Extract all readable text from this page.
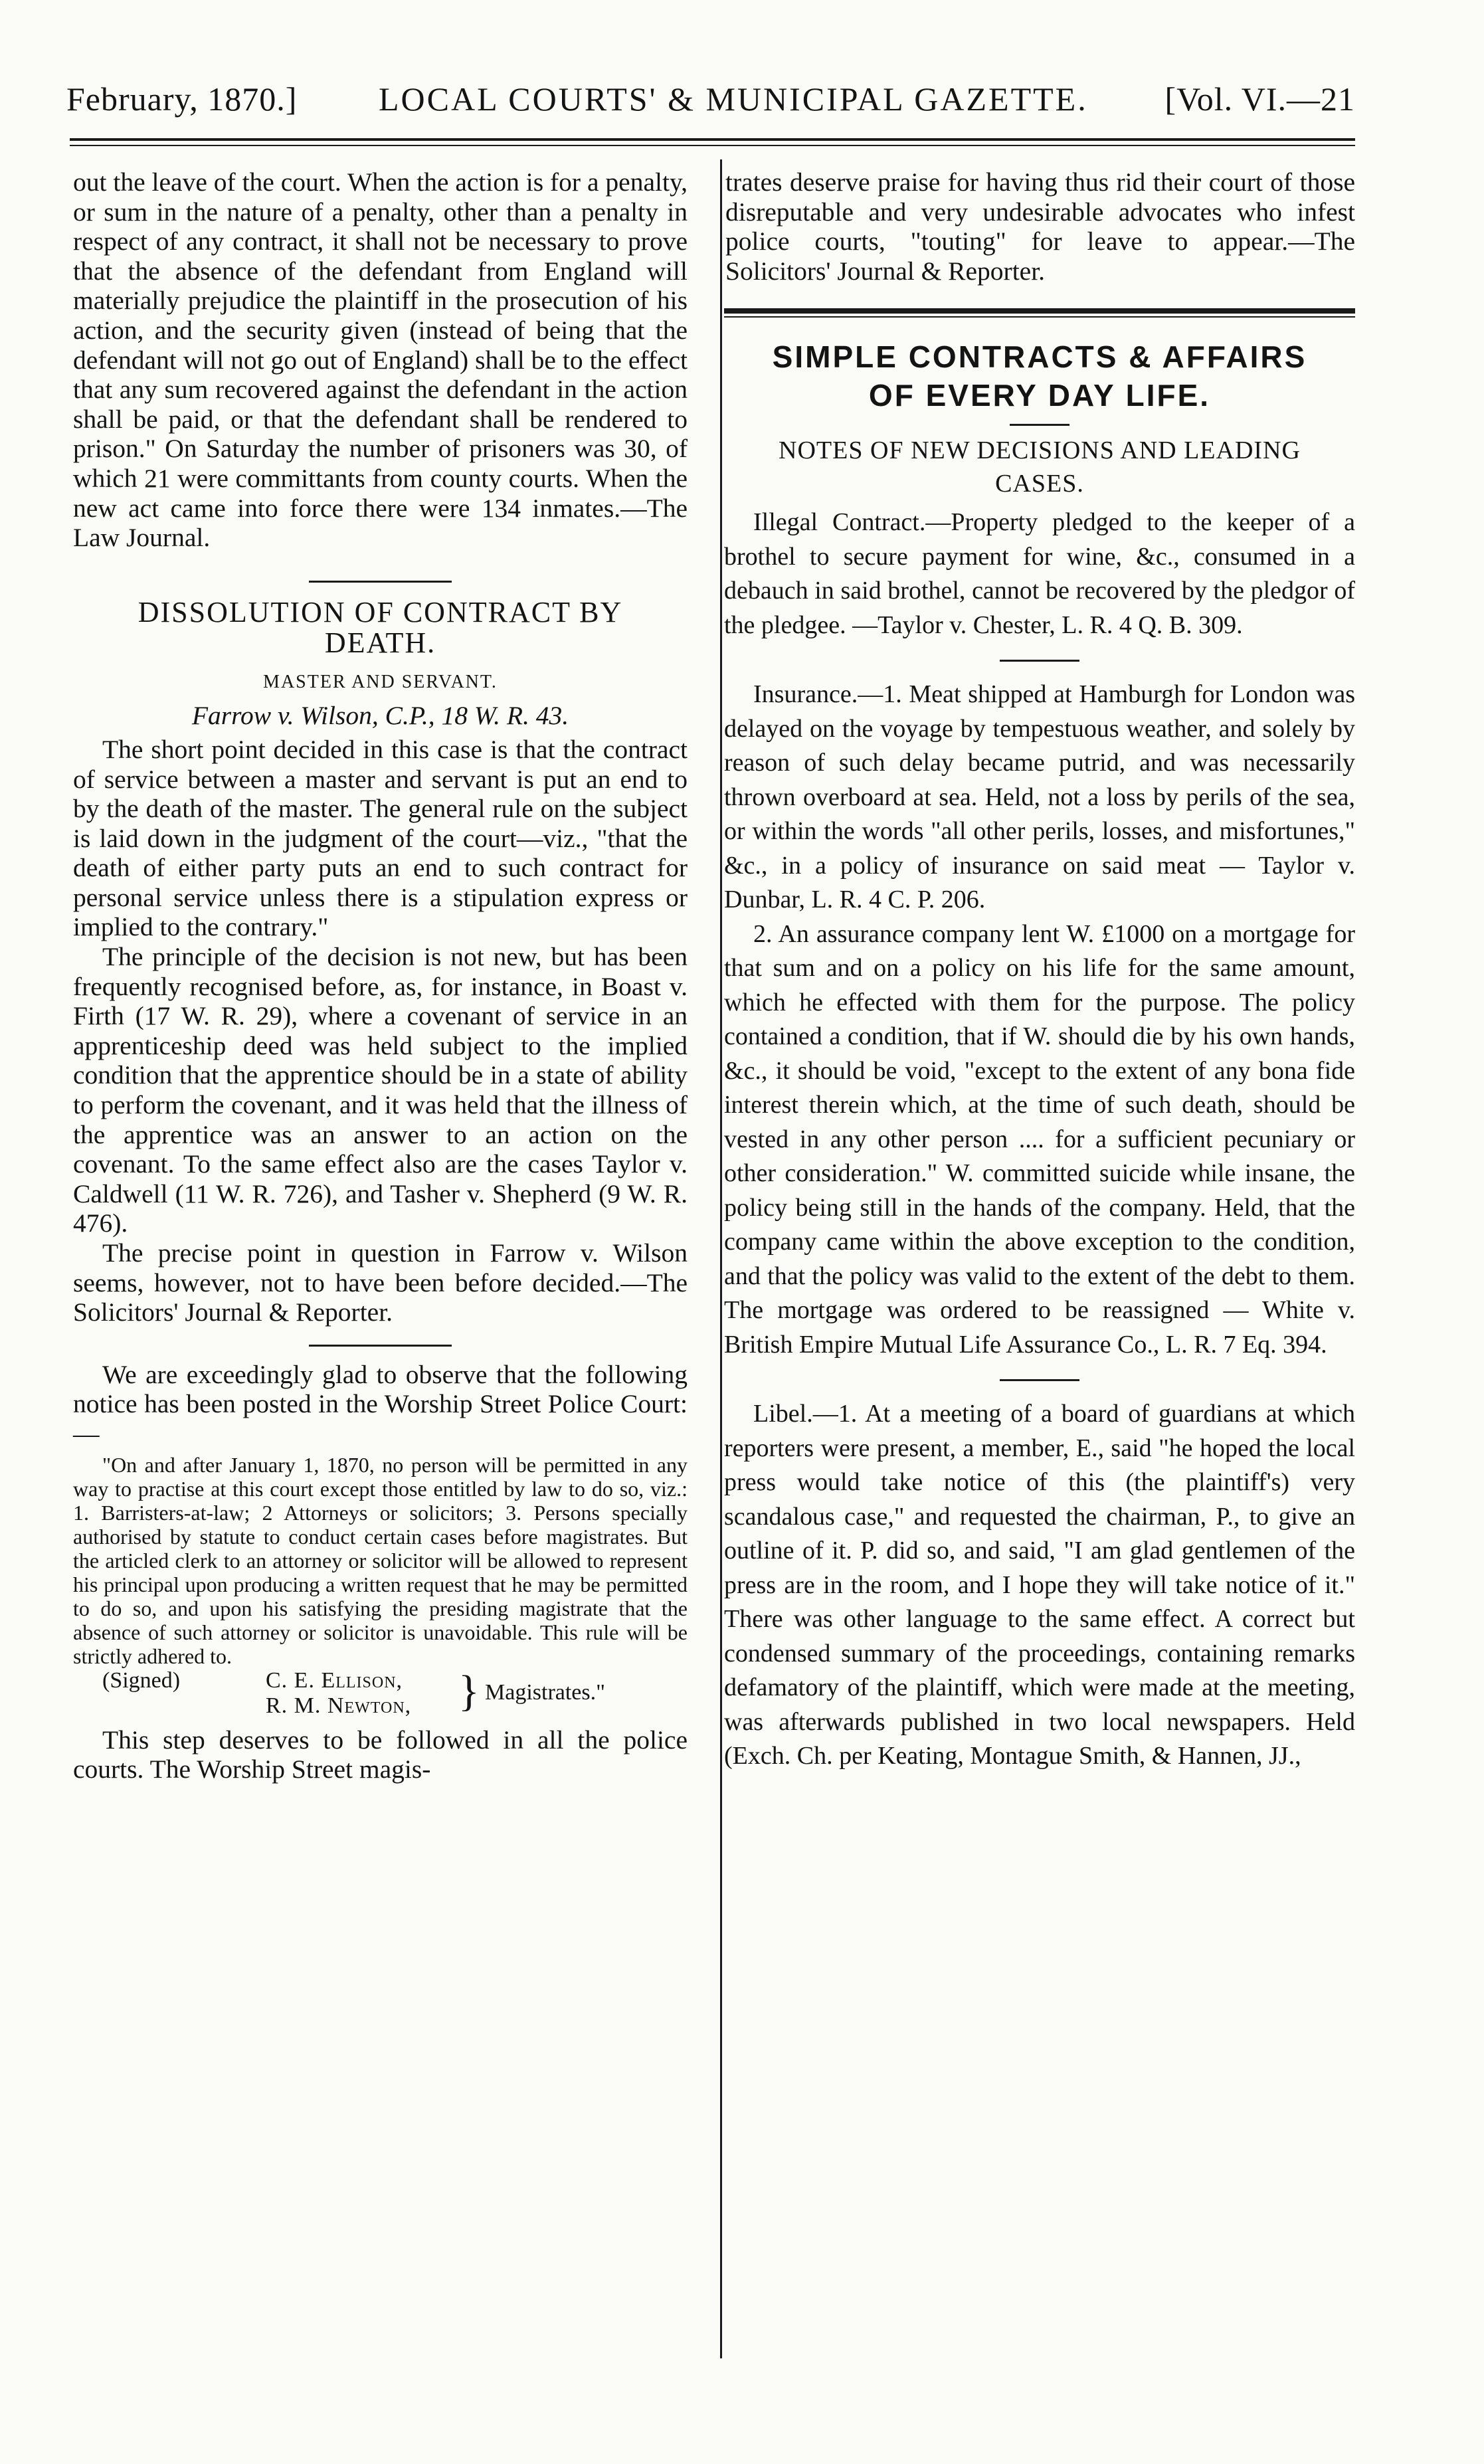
February, 1870.] LOCAL COURTS' & MUNICIPAL GAZETTE. [Vol. VI.—21

out the leave of the court. When the action is for a penalty, or sum in the nature of a penalty, other than a penalty in respect of any contract, it shall not be necessary to prove that the absence of the defendant from England will materially prejudice the plaintiff in the prosecution of his action, and the security given (instead of being that the defendant will not go out of England) shall be to the effect that any sum recovered against the defendant in the action shall be paid, or that the defendant shall be rendered to prison." On Saturday the number of prisoners was 30, of which 21 were committants from county courts. When the new act came into force there were 134 inmates.—The Law Journal.

DISSOLUTION OF CONTRACT BY DEATH.
MASTER AND SERVANT.

Farrow v. Wilson, C.P., 18 W. R. 43.

The short point decided in this case is that the contract of service between a master and servant is put an end to by the death of the master. The general rule on the subject is laid down in the judgment of the court—viz., "that the death of either party puts an end to such contract for personal service unless there is a stipulation express or implied to the contrary."

The principle of the decision is not new, but has been frequently recognised before, as, for instance, in Boast v. Firth (17 W. R. 29), where a covenant of service in an apprenticeship deed was held subject to the implied condition that the apprentice should be in a state of ability to perform the covenant, and it was held that the illness of the apprentice was an answer to an action on the covenant. To the same effect also are the cases Taylor v. Caldwell (11 W. R. 726), and Tasher v. Shepherd (9 W. R. 476).

The precise point in question in Farrow v. Wilson seems, however, not to have been before decided.—The Solicitors' Journal & Reporter.

We are exceedingly glad to observe that the following notice has been posted in the Worship Street Police Court:—

"On and after January 1, 1870, no person will be permitted in any way to practise at this court except those entitled by law to do so, viz.: 1. Barristers-at-law; 2 Attorneys or solicitors; 3. Persons specially authorised by statute to conduct certain cases before magistrates. But the articled clerk to an attorney or solicitor will be allowed to represent his principal upon producing a written request that he may be permitted to do so, and upon his satisfying the presiding magistrate that the absence of such attorney or solicitor is unavoidable. This rule will be strictly adhered to.

(Signed)	C. E. Ellison,
R. M. Newton, } Magistrates."

This step deserves to be followed in all the police courts. The Worship Street magis-

trates deserve praise for having thus rid their court of those disreputable and very undesirable advocates who infest police courts, "touting" for leave to appear.—The Solicitors' Journal & Reporter.

SIMPLE CONTRACTS & AFFAIRS

OF EVERY DAY LIFE.

NOTES OF NEW DECISIONS AND LEADING CASES.

Illegal Contract.—Property pledged to the keeper of a brothel to secure payment for wine, &c., consumed in a debauch in said brothel, cannot be recovered by the pledgor of the pledgee. —Taylor v. Chester, L. R. 4 Q. B. 309.

Insurance.—1. Meat shipped at Hamburgh for London was delayed on the voyage by tempestuous weather, and solely by reason of such delay became putrid, and was necessarily thrown overboard at sea. Held, not a loss by perils of the sea, or within the words "all other perils, losses, and misfortunes," &c., in a policy of insurance on said meat — Taylor v. Dunbar, L. R. 4 C. P. 206.

2. An assurance company lent W. £1000 on a mortgage for that sum and on a policy on his life for the same amount, which he effected with them for the purpose. The policy contained a condition, that if W. should die by his own hands, &c., it should be void, "except to the extent of any bona fide interest therein which, at the time of such death, should be vested in any other person .... for a sufficient pecuniary or other consideration." W. committed suicide while insane, the policy being still in the hands of the company. Held, that the company came within the above exception to the condition, and that the policy was valid to the extent of the debt to them. The mortgage was ordered to be reassigned — White v. British Empire Mutual Life Assurance Co., L. R. 7 Eq. 394.

Libel.—1. At a meeting of a board of guardians at which reporters were present, a member, E., said "he hoped the local press would take notice of this (the plaintiff's) very scandalous case," and requested the chairman, P., to give an outline of it. P. did so, and said, "I am glad gentlemen of the press are in the room, and I hope they will take notice of it." There was other language to the same effect. A correct but condensed summary of the proceedings, containing remarks defamatory of the plaintiff, which were made at the meeting, was afterwards published in two local newspapers. Held (Exch. Ch. per Keating, Montague Smith, & Hannen, JJ.,
